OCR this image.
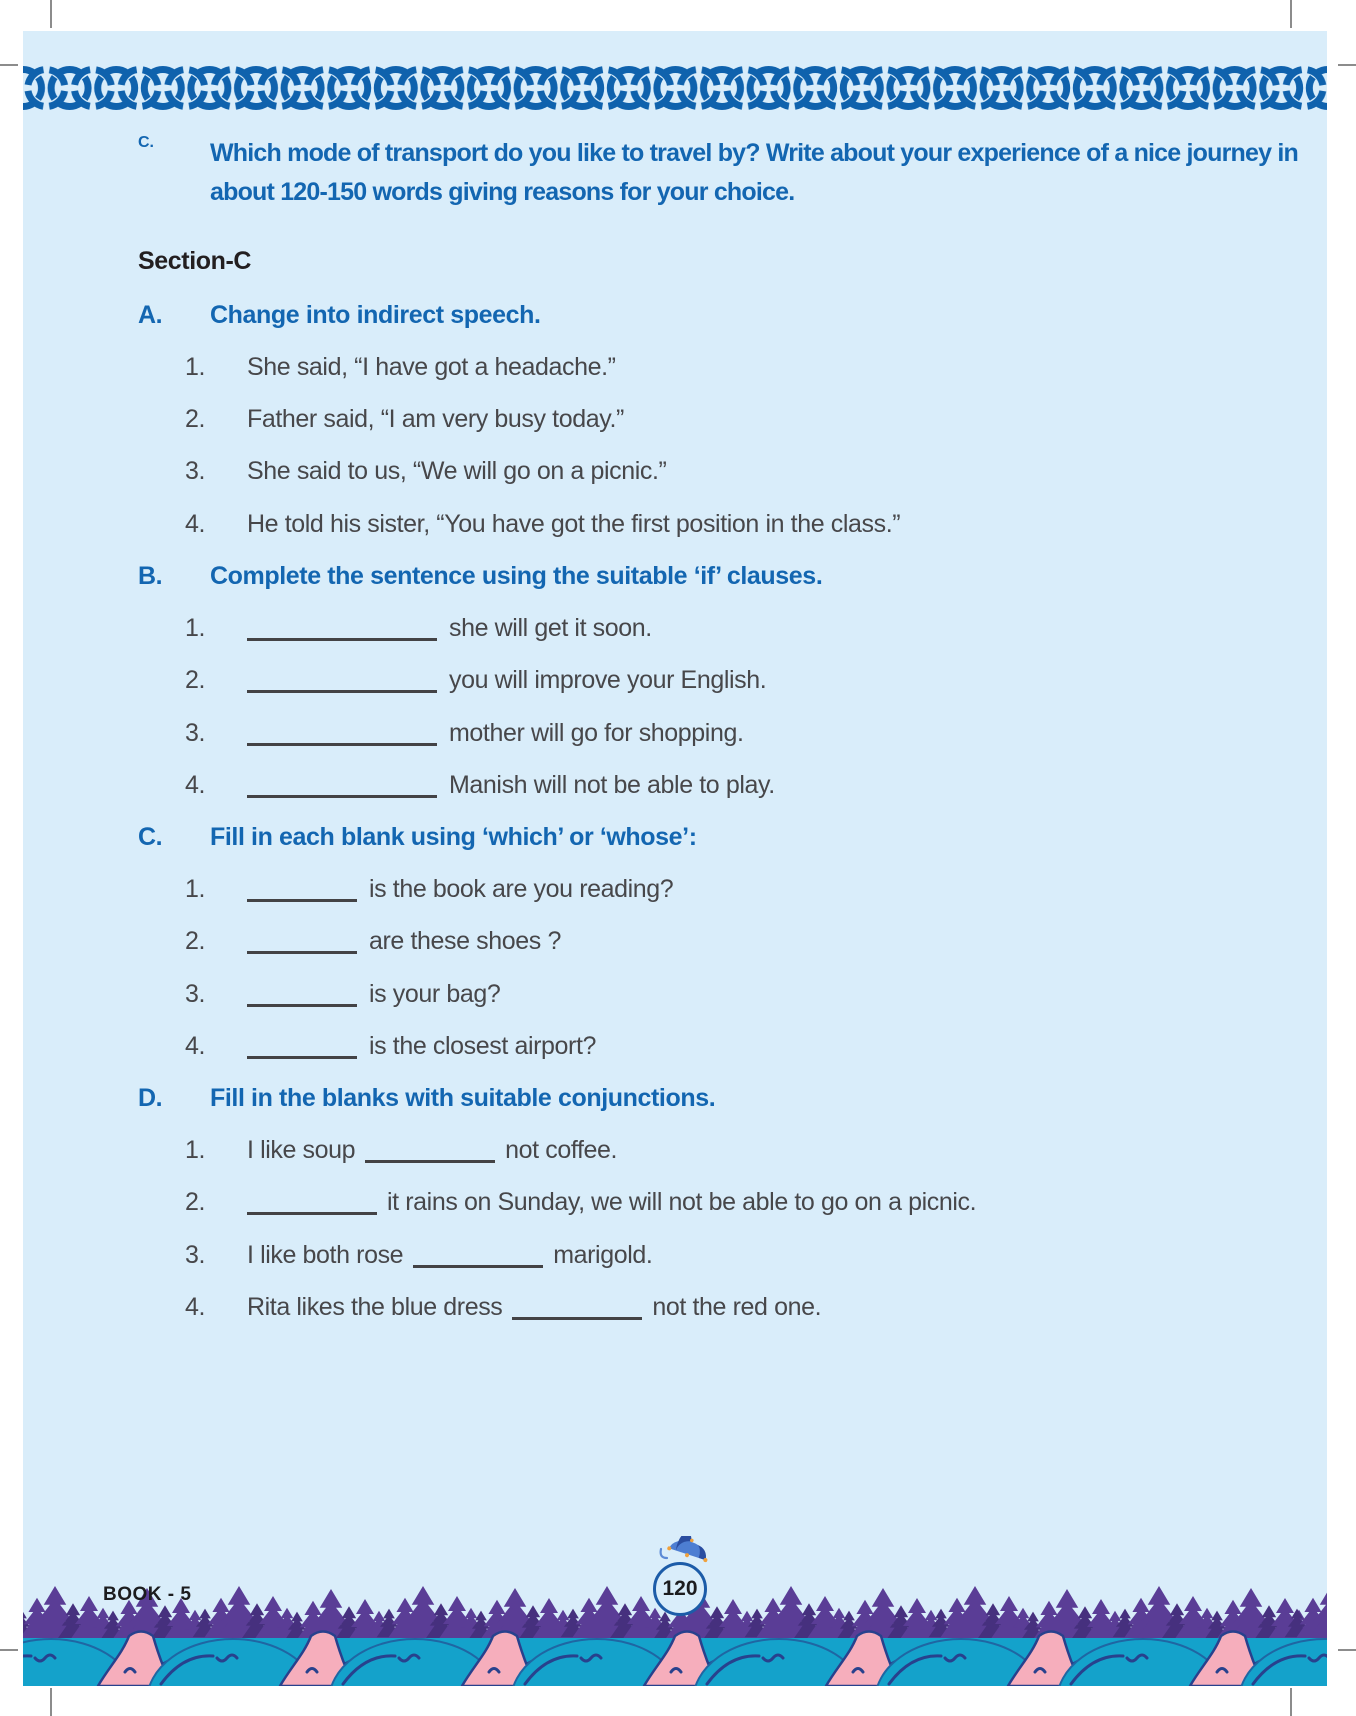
C. Which mode of transport do you like to travel by? Write about your experience of a nice journey in about 120-150 words giving reasons for your choice.
Section-C
A. Change into indirect speech.
1. She said, “I have got a headache.”
2. Father said, “I am very busy today.”
3. She said to us, “We will go on a picnic.”
4. He told his sister, “You have got the first position in the class.”
B. Complete the sentence using the suitable ‘if’ clauses.
1.	she will get it soon.
2.	you will improve your English.
3.	mother will go for shopping.
4.	Manish will not be able to play.
C. Fill in each blank using ‘which’ or ‘whose’:
1.	is the book are you reading?
2.	are these shoes ?
3.	is your bag?
4.	is the closest airport?
D. Fill in the blanks with suitable conjunctions.
1. I like soup	not coffee.
2.	it rains on Sunday, we will not be able to go on a picnic.
3. I like both rose	marigold.
4. Rita likes the blue dress	not the red one.
BOOK - 5	120
